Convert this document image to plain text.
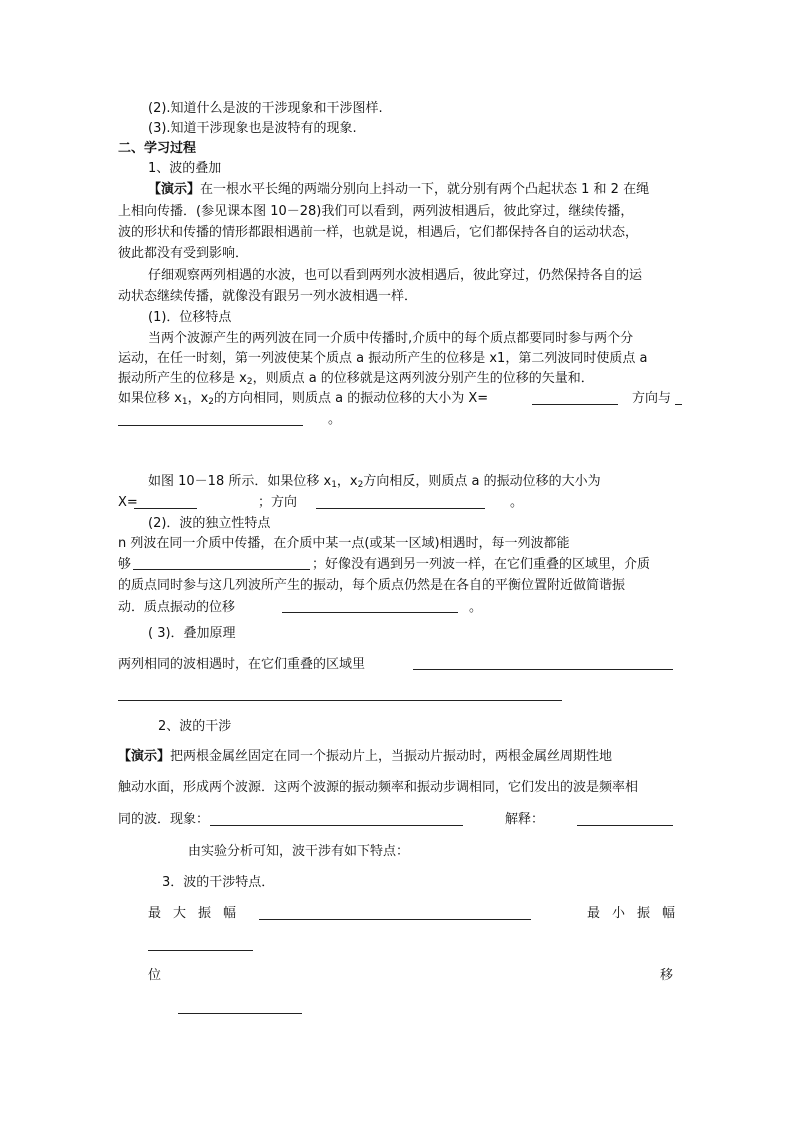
(2).知道什么是波的干涉现象和干涉图样.
(3).知道干涉现象也是波特有的现象.
二、学习过程
1、波的叠加
【演示】在一根水平长绳的两端分别向上抖动一下，就分别有两个凸起状态 1 和 2 在绳
上相向传播．(参见课本图 10－28)我们可以看到，两列波相遇后，彼此穿过，继续传播，
波的形状和传播的情形都跟相遇前一样，也就是说，相遇后，它们都保持各自的运动状态，
彼此都没有受到影响．
仔细观察两列相遇的水波，也可以看到两列水波相遇后，彼此穿过，仍然保持各自的运
动状态继续传播，就像没有跟另一列水波相遇一样．
(1)．位移特点
当两个波源产生的两列波在同一介质中传播时,介质中的每个质点都要同时参与两个分
运动，在任一时刻，第一列波使某个质点 a 振动所产生的位移是 x1，第二列波同时使质点 a
振动所产生的位移是 $x_2$，则质点 a 的位移就是这两列波分别产生的位移的矢量和．
如果位移 $x_1$，$x_2$的方向相同，则质点 a 的振动位移的大小为 X=	方向与
。
如图 10－18 所示．如果位移 $x_1$，$x_2$方向相反，则质点 a 的振动位移的大小为
X=	；方向	。
(2)．波的独立性特点
n 列波在同一介质中传播，在介质中某一点(或某一区域)相遇时，每一列波都能
够	；好像没有遇到另一列波一样，在它们重叠的区域里，介质
的质点同时参与这几列波所产生的振动，每个质点仍然是在各自的平衡位置附近做简谐振
动．质点振动的位移	。
( 3)．叠加原理
两列相同的波相遇时，在它们重叠的区域里
2、波的干涉
【演示】把两根金属丝固定在同一个振动片上，当振动片振动时，两根金属丝周期性地
触动水面，形成两个波源．这两个波源的振动频率和振动步调相同，它们发出的波是频率相
同的波．现象：	解释：
由实验分析可知，波干涉有如下特点：
3．波的干涉特点．
最大振幅	最小振幅
位	移
